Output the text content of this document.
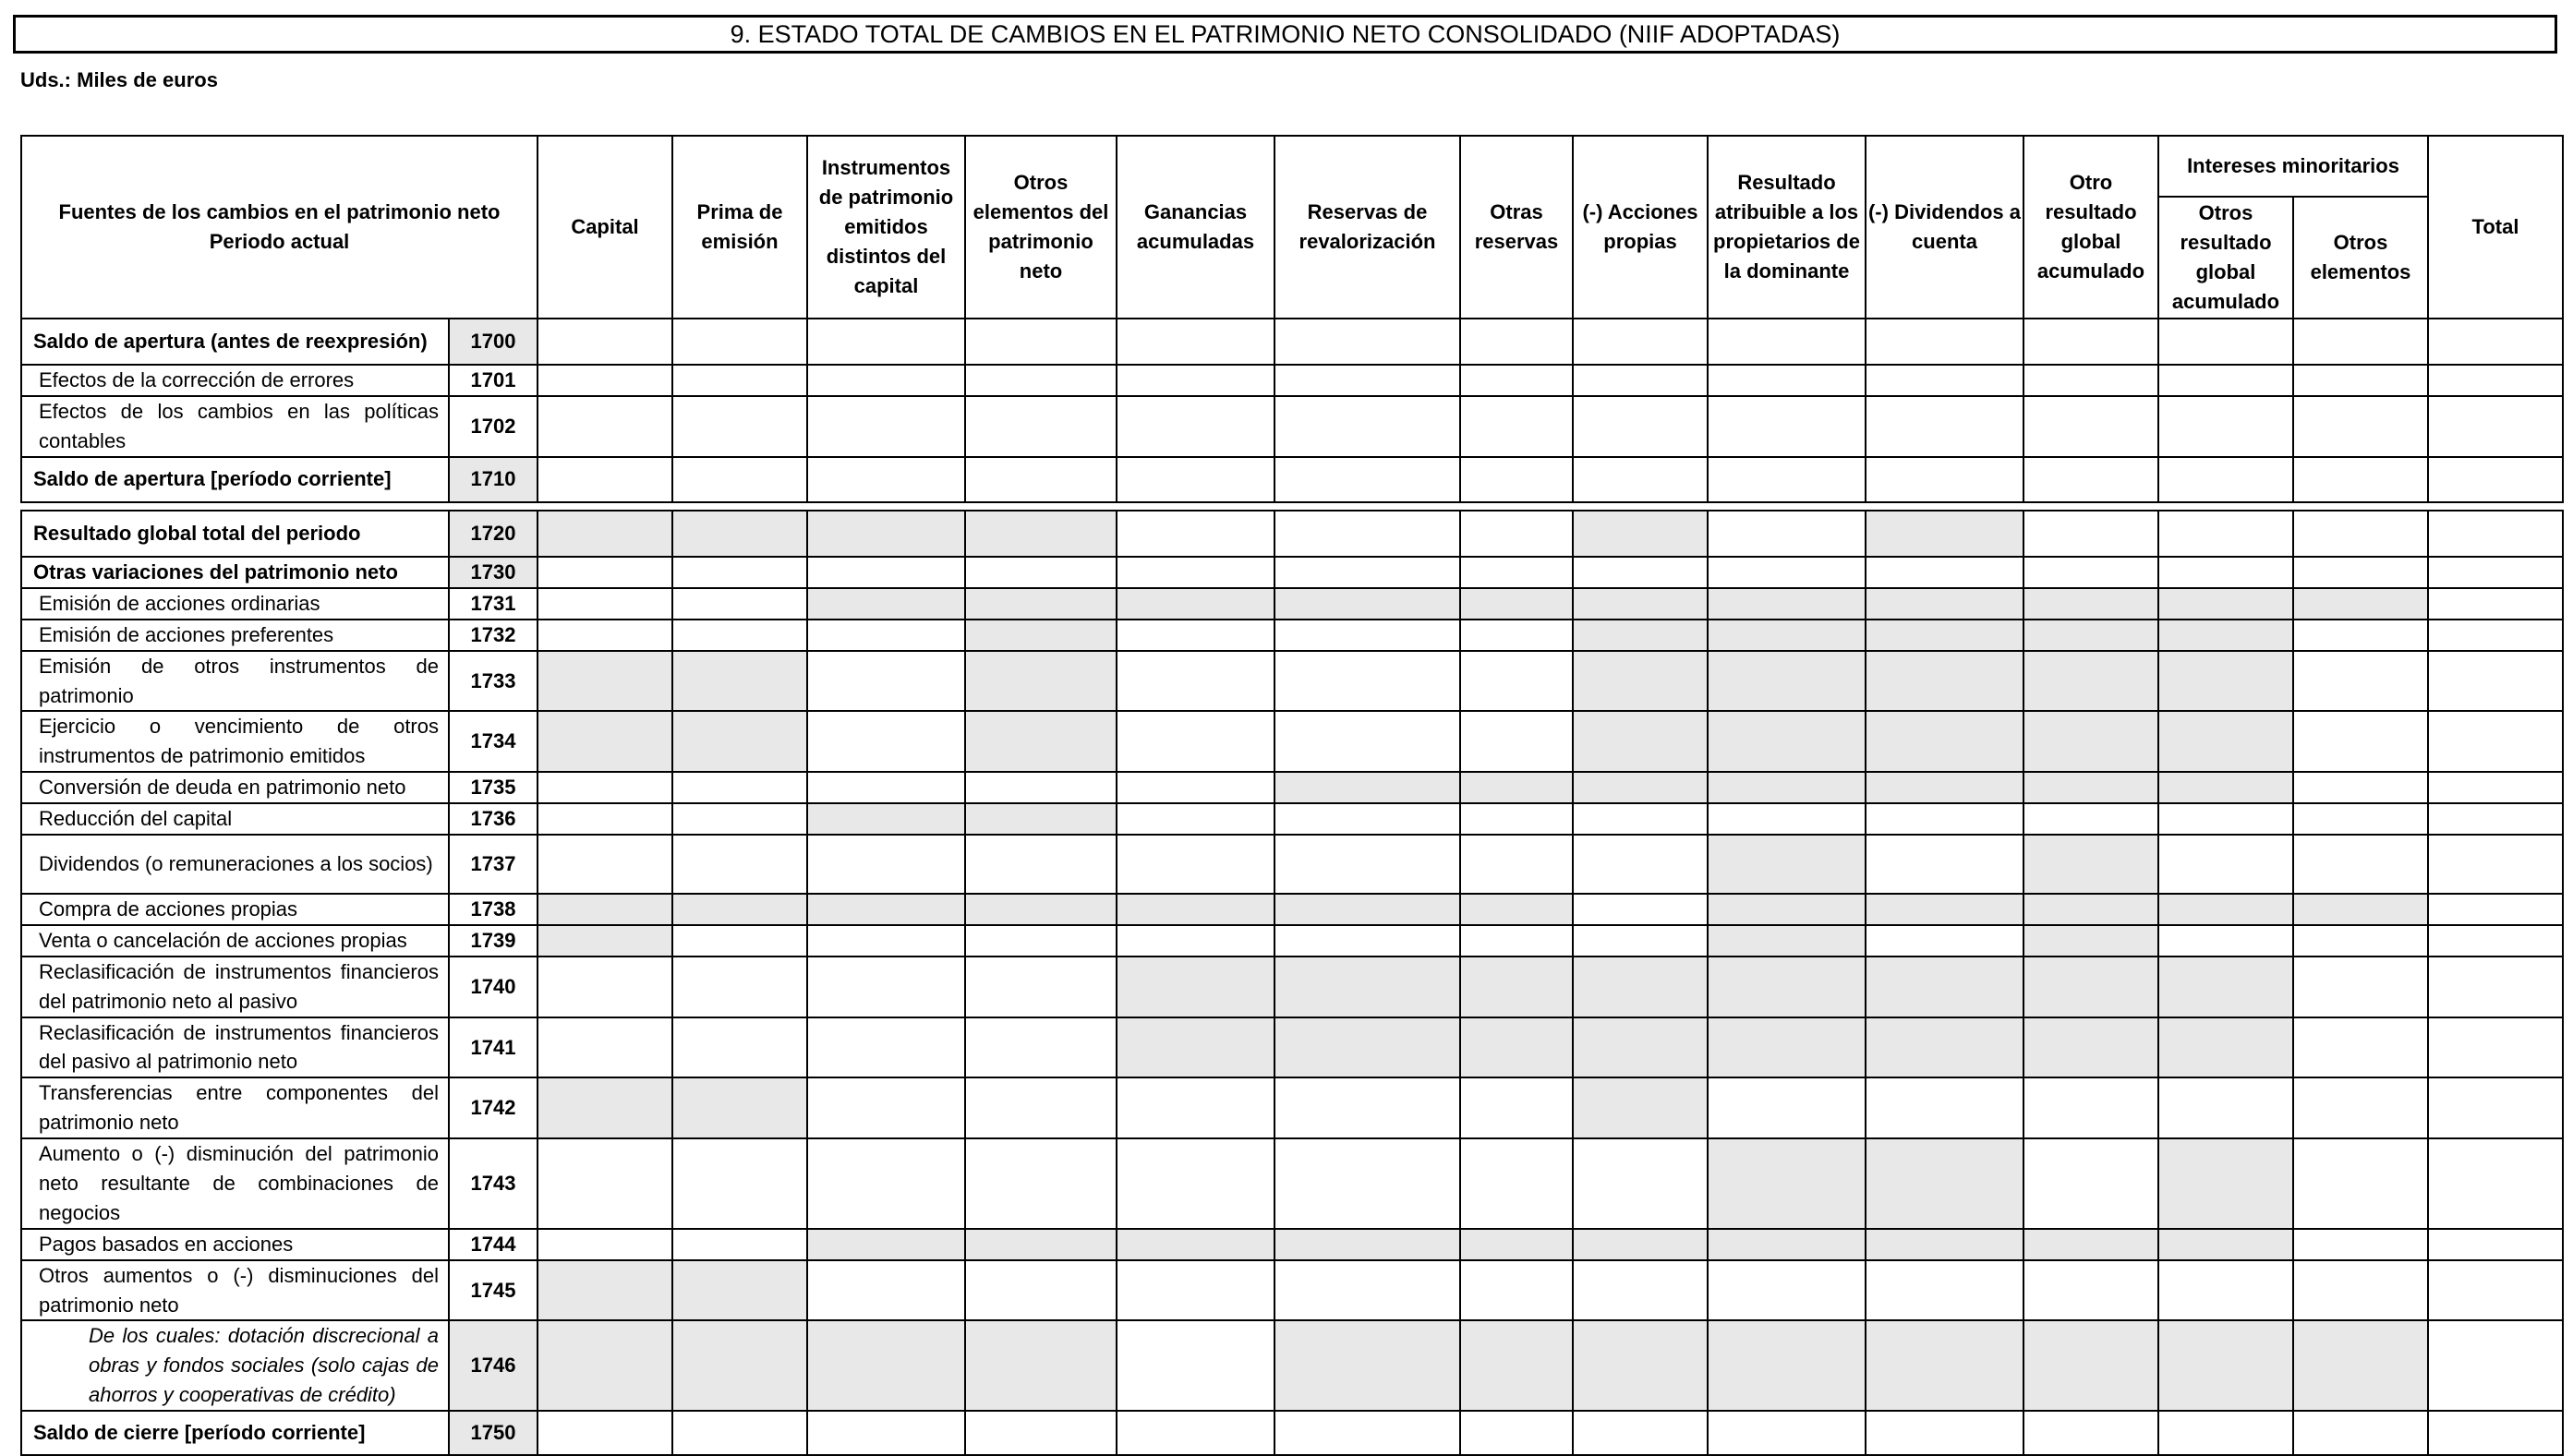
9. ESTADO TOTAL DE CAMBIOS EN EL PATRIMONIO NETO CONSOLIDADO (NIIF ADOPTADAS)
Uds.: Miles de euros
Fuentes de los cambios en el patrimonio neto
Periodo actual		Capital	Prima de emisión	Instrumentos de patrimonio emitidos distintos del capital	Otros elementos del patrimonio neto	Ganancias acumuladas	Reservas de revalorización	Otras reservas	(-) Acciones propias	Resultado atribuible a los propietarios de la dominante	(-) Dividendos a cuenta	Otro resultado global acumulado	Intereses minoritarios		Total
													Otros resultado global acumulado	Otros elementos	
Saldo de apertura (antes de reexpresión)	1700														
Efectos de la corrección de errores	1701														
Efectos de los cambios en las políticas contables	1702														
Saldo de apertura [período corriente]	1710														
Resultado global total del periodo	1720														
Otras variaciones del patrimonio neto	1730														
Emisión de acciones ordinarias	1731														
Emisión de acciones preferentes	1732														
Emisión de otros instrumentos de patrimonio	1733														
Ejercicio o vencimiento de otros instrumentos de patrimonio emitidos	1734														
Conversión de deuda en patrimonio neto	1735														
Reducción del capital	1736														
Dividendos (o remuneraciones a los socios)	1737														
Compra de acciones propias	1738														
Venta o cancelación de acciones propias	1739														
Reclasificación de instrumentos financieros del patrimonio neto al pasivo	1740														
Reclasificación de instrumentos financieros del pasivo al patrimonio neto	1741														
Transferencias entre componentes del patrimonio neto	1742														
Aumento o (-) disminución del patrimonio neto resultante de combinaciones de negocios	1743														
Pagos basados en acciones	1744														
Otros aumentos o (-) disminuciones del patrimonio neto	1745														
De los cuales: dotación discrecional a obras y fondos sociales (solo cajas de ahorros y cooperativas de crédito)	1746														
Saldo de cierre [período corriente]	1750														
